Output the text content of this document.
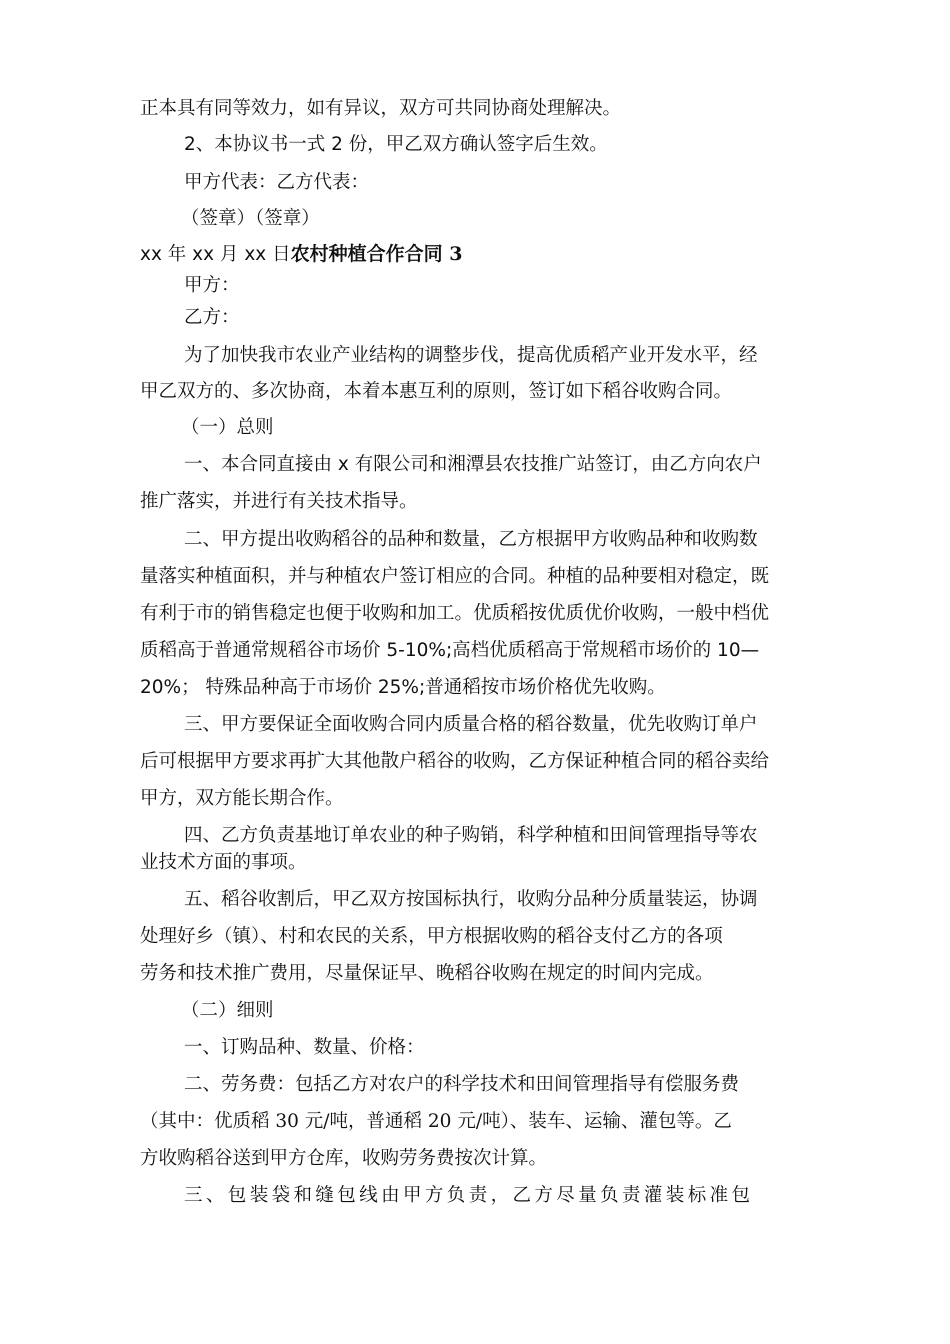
正本具有同等效力，如有异议，双方可共同协商处理解决。
2、本协议书一式 2 份，甲乙双方确认签字后生效。
甲方代表：乙方代表：
（签章）（签章）
xx 年 xx 月 xx 日农村种植合作合同 3
甲方：
乙方：
为了加快我市农业产业结构的调整步伐，提高优质稻产业开发水平，经
甲乙双方的、多次协商，本着本惠互利的原则，签订如下稻谷收购合同。
（一）总则
一、本合同直接由 x 有限公司和湘潭县农技推广站签订，由乙方向农户
推广落实，并进行有关技术指导。
二、甲方提出收购稻谷的品种和数量，乙方根据甲方收购品种和收购数
量落实种植面积，并与种植农户签订相应的合同。种植的品种要相对稳定，既
有利于市的销售稳定也便于收购和加工。优质稻按优质优价收购，一般中档优
质稻高于普通常规稻谷市场价 5-10%;高档优质稻高于常规稻市场价的 10—
20%； 特殊品种高于市场价 25%;普通稻按市场价格优先收购。
三、甲方要保证全面收购合同内质量合格的稻谷数量，优先收购订单户
后可根据甲方要求再扩大其他散户稻谷的收购，乙方保证种植合同的稻谷卖给
甲方，双方能长期合作。
四、乙方负责基地订单农业的种子购销，科学种植和田间管理指导等农
业技术方面的事项。
五、稻谷收割后，甲乙双方按国标执行，收购分品种分质量装运，协调
处理好乡（镇）、村和农民的关系，甲方根据收购的稻谷支付乙方的各项
劳务和技术推广费用，尽量保证早、晚稻谷收购在规定的时间内完成。
（二）细则
一、订购品种、数量、价格：
二、劳务费：包括乙方对农户的科学技术和田间管理指导有偿服务费
（其中：优质稻 30 元/吨，普通稻 20 元/吨）、装车、运输、灌包等。乙
方收购稻谷送到甲方仓库，收购劳务费按次计算。
三、包装袋和缝包线由甲方负责，乙方尽量负责灌装标准包
